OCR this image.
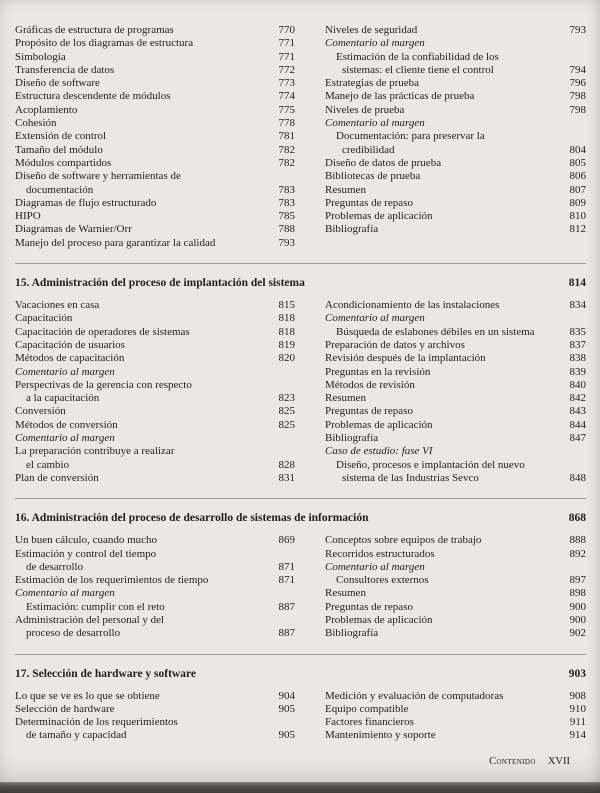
Gráficas de estructura de programas	770
Propósito de los diagramas de estructura	771
Simbología	771
Transferencia de datos	772
Diseño de software	773
Estructura descendente de módulos	774
Acoplamiento	775
Cohesión	778
Extensión de control	781
Tamaño del módulo	782
Módulos compartidos	782
Diseño de software y herramientas de
documentación	783
Diagramas de flujo estructurado	783
HIPO	785
Diagramas de Warnier/Orr	788
Manejo del proceso para garantizar la calidad	793
Niveles de seguridad	793
Comentario al margen
Estimación de la confiabilidad de los
sistemas: el cliente tiene el control	794
Estrategias de prueba	796
Manejo de las prácticas de prueba	798
Niveles de prueba	798
Comentario al margen
Documentación: para preservar la
credibilidad	804
Diseño de datos de prueba	805
Bibliotecas de prueba	806
Resumen	807
Preguntas de repaso	809
Problemas de aplicación	810
Bibliografía	812
15. Administración del proceso de implantación del sistema	814
Vacaciones en casa	815
Capacitación	818
Capacitación de operadores de sistemas	818
Capacitación de usuarios	819
Métodos de capacitación	820
Comentario al margen
Perspectivas de la gerencia con respecto
a la capacitación	823
Conversión	825
Métodos de conversión	825
Comentario al margen
La preparación contribuye a realizar
el cambio	828
Plan de conversión	831
Acondicionamiento de las instalaciones	834
Comentario al margen
Búsqueda de eslabones débiles en un sistema	835
Preparación de datos y archivos	837
Revisión después de la implantación	838
Preguntas en la revisión	839
Métodos de revisión	840
Resumen	842
Preguntas de repaso	843
Problemas de aplicación	844
Bibliografía	847
Caso de estudio: fase VI
Diseño, procesos e implantación del nuevo
sistema de las Industrias Sevco	848
16. Administración del proceso de desarrollo de sistemas de información	868
Un buen cálculo, cuando mucho	869
Estimación y control del tiempo
de desarrollo	871
Estimación de los requerimientos de tiempo	871
Comentario al margen
Estimación: cumplir con el reto	887
Administración del personal y del
proceso de desarrollo	887
Conceptos sobre equipos de trabajo	888
Recorridos estructurados	892
Comentario al margen
Consultores externos	897
Resumen	898
Preguntas de repaso	900
Problemas de aplicación	900
Bibliografía	902
17. Selección de hardware y software	903
Lo que se ve es lo que se obtiene	904
Selección de hardware	905
Determinación de los requerimientos
de tamaño y capacidad	905
Medición y evaluación de computadoras	908
Equipo compatible	910
Factores financieros	911
Mantenimiento y soporte	914
Contenido XVII
